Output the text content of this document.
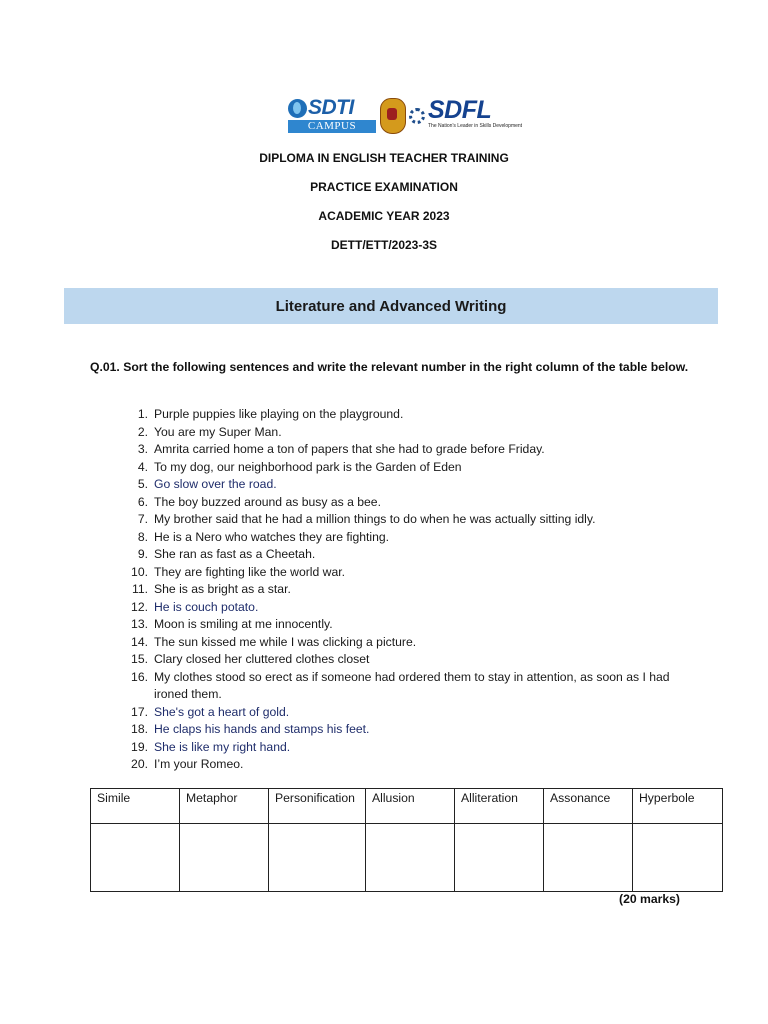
SDTI
CAMPUS
SDFL
The Nation's Leader in Skills Development
DIPLOMA IN ENGLISH TEACHER TRAINING
PRACTICE EXAMINATION
ACADEMIC YEAR 2023
DETT/ETT/2023-3S
Literature and Advanced Writing
Q.01. Sort the following sentences and write the relevant number in the right column of the table below.
1. Purple puppies like playing on the playground.
2. You are my Super Man.
3. Amrita carried home a ton of papers that she had to grade before Friday.
4. To my dog, our neighborhood park is the Garden of Eden
5. Go slow over the road.
6. The boy buzzed around as busy as a bee.
7. My brother said that he had a million things to do when he was actually sitting idly.
8. He is a Nero who watches they are fighting.
9. She ran as fast as a Cheetah.
10. They are fighting like the world war.
11. She is as bright as a star.
12. He is couch potato.
13. Moon is smiling at me innocently.
14. The sun kissed me while I was clicking a picture.
15. Clary closed her cluttered clothes closet
16. My clothes stood so erect as if someone had ordered them to stay in attention, as soon as I had ironed them.
17. She's got a heart of gold.
18. He claps his hands and stamps his feet.
19. She is like my right hand.
20. I’m your Romeo.
Simile	Metaphor	Personification	Allusion	Alliteration	Assonance	Hyperbole

(20 marks)
